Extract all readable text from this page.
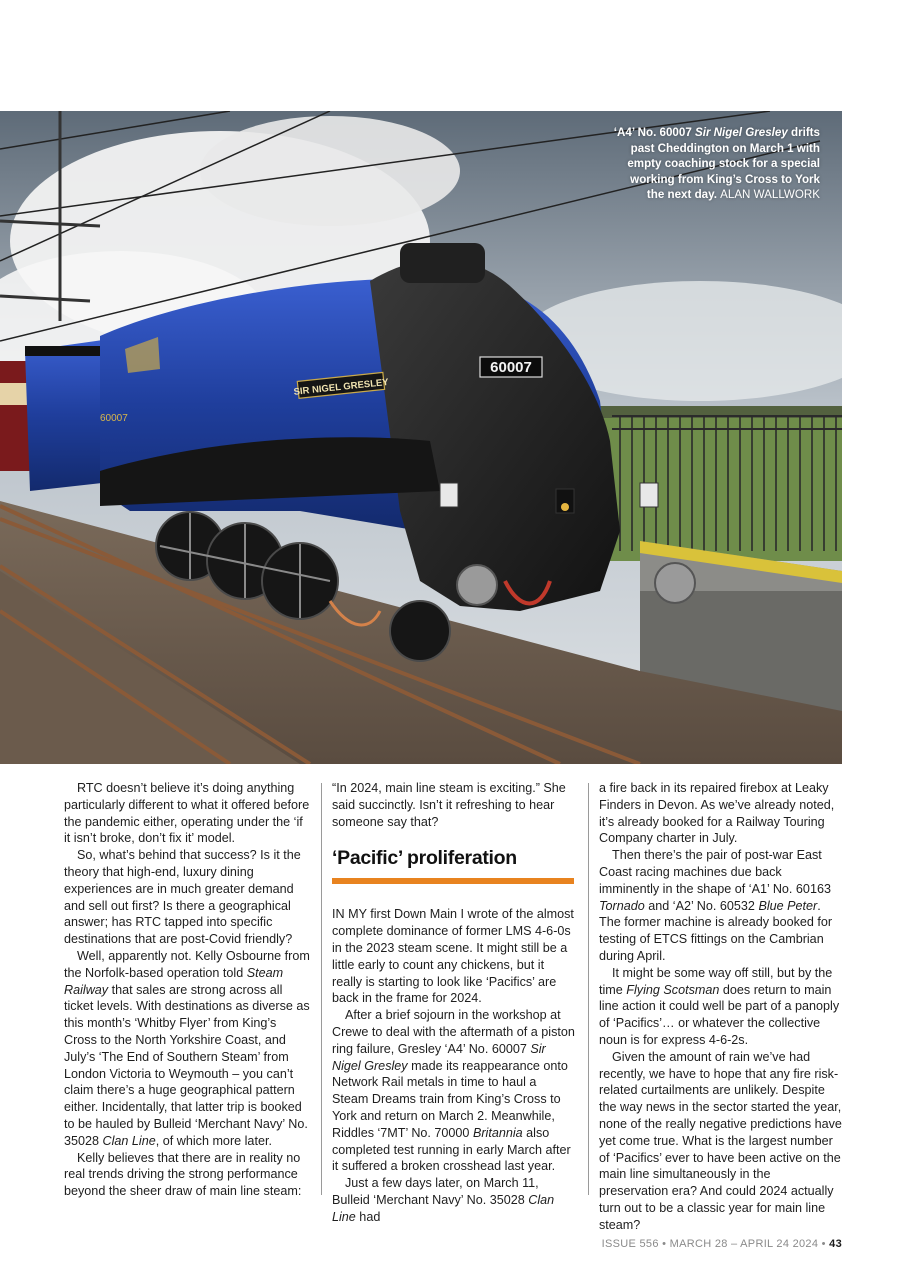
60007
SIR NIGEL GRESLEY
60007
‘A4’ No. 60007 Sir Nigel Gresley drifts past Cheddington on March 1 with empty coaching stock for a special working from King’s Cross to York the next day. ALAN WALLWORK

RTC doesn’t believe it’s doing anything particularly different to what it offered before the pandemic either, operating under the ‘if it isn’t broke, don’t fix it’ model.

So, what’s behind that success? Is it the theory that high-end, luxury dining experiences are in much greater demand and sell out first? Is there a geographical answer; has RTC tapped into specific destinations that are post-Covid friendly?

Well, apparently not. Kelly Osbourne from the Norfolk-based operation told Steam Railway that sales are strong across all ticket levels. With destinations as diverse as this month’s ‘Whitby Flyer’ from King’s Cross to the North Yorkshire Coast, and July’s ‘The End of Southern Steam’ from London Victoria to Weymouth – you can’t claim there’s a huge geographical pattern either. Incidentally, that latter trip is booked to be hauled by Bulleid ‘Merchant Navy’ No. 35028 Clan Line, of which more later.

Kelly believes that there are in reality no real trends driving the strong performance beyond the sheer draw of main line steam:

“In 2024, main line steam is exciting.” She said succinctly. Isn’t it refreshing to hear someone say that?

‘Pacific’ proliferation

IN MY first Down Main I wrote of the almost complete dominance of former LMS 4-6-0s in the 2023 steam scene. It might still be a little early to count any chickens, but it really is starting to look like ‘Pacifics’ are back in the frame for 2024.

After a brief sojourn in the workshop at Crewe to deal with the aftermath of a piston ring failure, Gresley ‘A4’ No. 60007 Sir Nigel Gresley made its reappearance onto Network Rail metals in time to haul a Steam Dreams train from King’s Cross to York and return on March 2. Meanwhile, Riddles ‘7MT’ No. 70000 Britannia also completed test running in early March after it suffered a broken crosshead last year.

Just a few days later, on March 11, Bulleid ‘Merchant Navy’ No. 35028 Clan Line had

a fire back in its repaired firebox at Leaky Finders in Devon. As we’ve already noted, it’s already booked for a Railway Touring Company charter in July.

Then there’s the pair of post-war East Coast racing machines due back imminently in the shape of ‘A1’ No. 60163 Tornado and ‘A2’ No. 60532 Blue Peter. The former machine is already booked for testing of ETCS fittings on the Cambrian during April.

It might be some way off still, but by the time Flying Scotsman does return to main line action it could well be part of a panoply of ‘Pacifics’… or whatever the collective noun is for express 4-6-2s.

Given the amount of rain we’ve had recently, we have to hope that any fire risk-related curtailments are unlikely. Despite the way news in the sector started the year, none of the really negative predictions have yet come true. What is the largest number of ‘Pacifics’ ever to have been active on the main line simultaneously in the preservation era? And could 2024 actually turn out to be a classic year for main line steam?

ISSUE 556 • MARCH 28 – APRIL 24 2024 • 43
